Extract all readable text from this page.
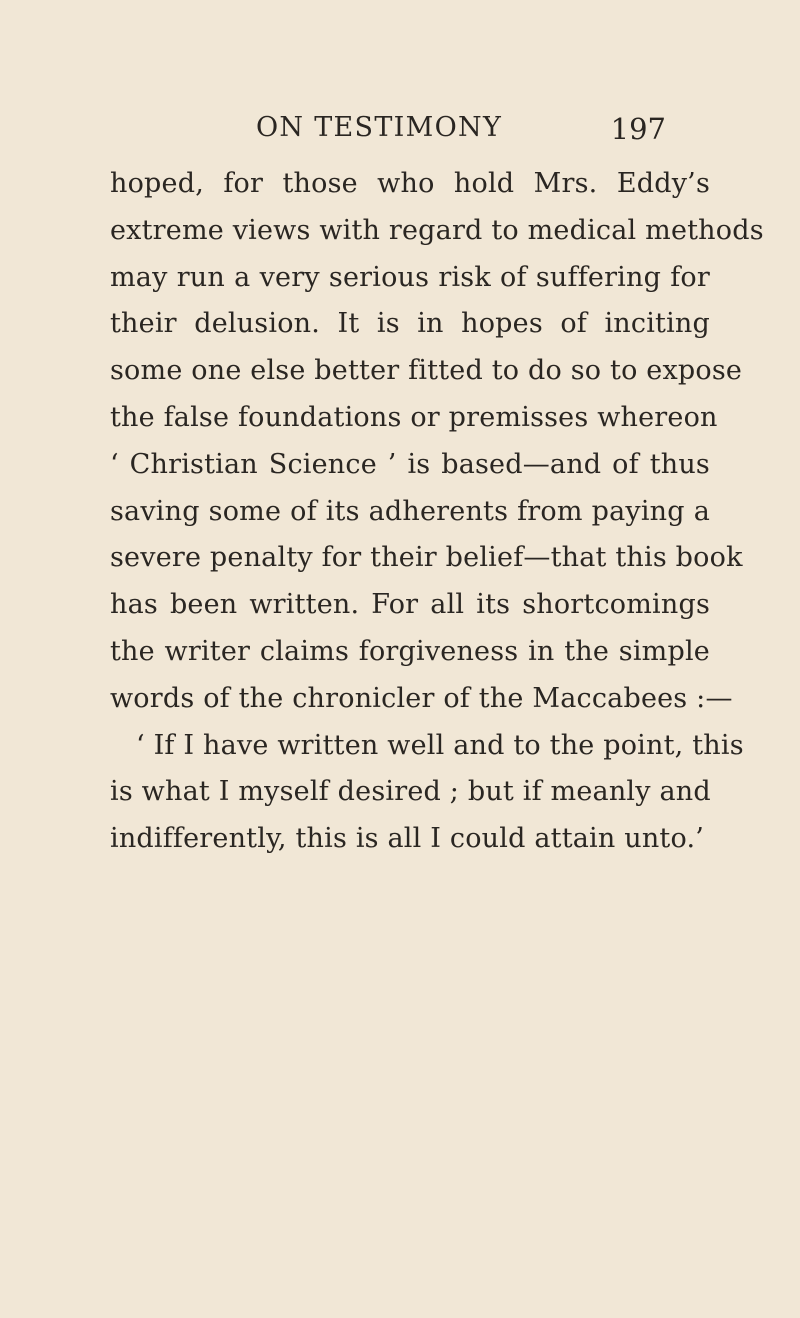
ON TESTIMONY	197
hoped, for those who hold Mrs. Eddy’s
extreme views with regard to medical methods
may run a very serious risk of suffering for
their delusion. It is in hopes of inciting
some one else better fitted to do so to expose
the false foundations or premisses whereon
‘ Christian Science ’ is based—and of thus
saving some of its adherents from paying a
severe penalty for their belief—that this book
has been written. For all its shortcomings
the writer claims forgiveness in the simple
words of the chronicler of the Maccabees :—
‘ If I have written well and to the point, this
is what I myself desired ; but if meanly and
indifferently, this is all I could attain unto.’
